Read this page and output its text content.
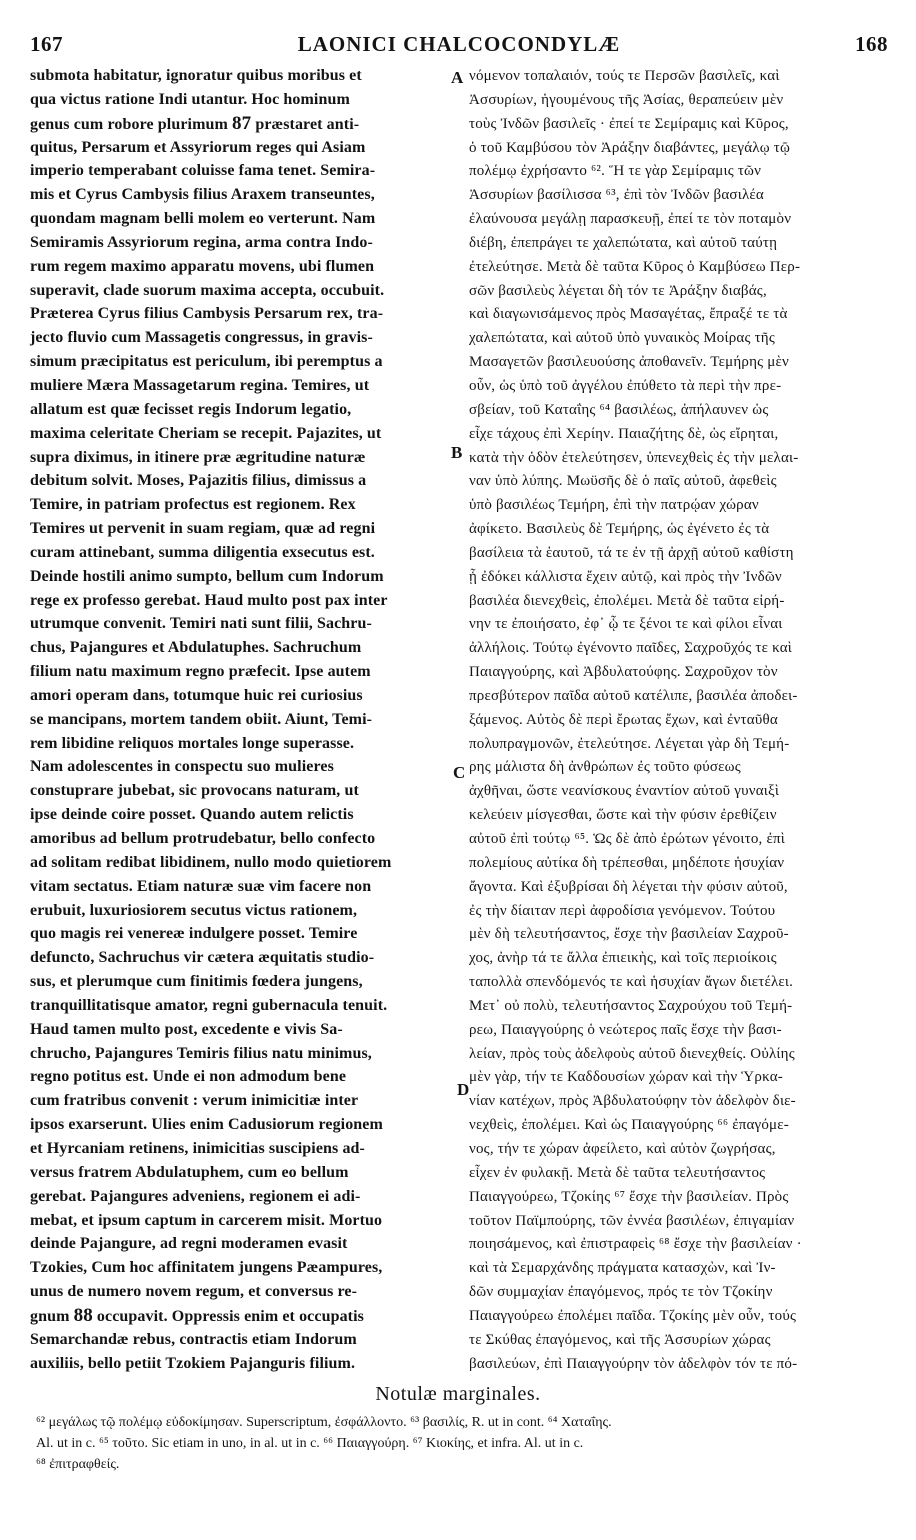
167	LAONICI CHALCOCONDYLÆ	168
submota habitatur, ignoratur quibus moribus et
qua victus ratione Indi utantur. Hoc hominum
genus cum robore plurimum 87 præstaret anti-
quitus, Persarum et Assyriorum reges qui Asiam
imperio temperabant coluisse fama tenet. Semira-
mis et Cyrus Cambysis filius Araxem transeuntes,
quondam magnam belli molem eo verterunt. Nam
Semiramis Assyriorum regina, arma contra Indo-
rum regem maximo apparatu movens, ubi flumen
superavit, clade suorum maxima accepta, occubuit.
Præterea Cyrus filius Cambysis Persarum rex, tra-
jecto fluvio cum Massagetis congressus, in gravis-
simum præcipitatus est periculum, ibi peremptus a
muliere Mæra Massagetarum regina. Temires, ut
allatum est quæ fecisset regis Indorum legatio,
maxima celeritate Cheriam se recepit. Pajazites, ut
supra diximus, in itinere præ ægritudine naturæ
debitum solvit. Moses, Pajazitis filius, dimissus a
Temire, in patriam profectus est regionem. Rex
Temires ut pervenit in suam regiam, quæ ad regni
curam attinebant, summa diligentia exsecutus est.
Deinde hostili animo sumpto, bellum cum Indorum
rege ex professo gerebat. Haud multo post pax inter
utrumque convenit. Temiri nati sunt filii, Sachru-
chus, Pajangures et Abdulatuphes. Sachruchum
filium natu maximum regno præfecit. Ipse autem
amori operam dans, totumque huic rei curiosius
se mancipans, mortem tandem obiit. Aiunt, Temi-
rem libidine reliquos mortales longe superasse.
Nam adolescentes in conspectu suo mulieres
constuprare jubebat, sic provocans naturam, ut
ipse deinde coire posset. Quando autem relictis
amoribus ad bellum protrudebatur, bello confecto
ad solitam redibat libidinem, nullo modo quietiorem
vitam sectatus. Etiam naturæ suæ vim facere non
erubuit, luxuriosiorem secutus victus rationem,
quo magis rei venereæ indulgere posset. Temire
defuncto, Sachruchus vir cætera æquitatis studio-
sus, et plerumque cum finitimis fœdera jungens,
tranquillitatisque amator, regni gubernacula tenuit.
Haud tamen multo post, excedente e vivis Sa-
chrucho, Pajangures Temiris filius natu minimus,
regno potitus est. Unde ei non admodum bene
cum fratribus convenit : verum inimicitiæ inter
ipsos exarserunt. Ulies enim Cadusiorum regionem
et Hyrcaniam retinens, inimicitias suscipiens ad-
versus fratrem Abdulatuphem, cum eo bellum
gerebat. Pajangures adveniens, regionem ei adi-
mebat, et ipsum captum in carcerem misit. Mortuo
deinde Pajangure, ad regni moderamen evasit
Tzokies, Cum hoc affinitatem jungens Pæampures,
unus de numero novem regum, et conversus re-
gnum 88 occupavit. Oppressis enim et occupatis
Semarchandæ rebus, contractis etiam Indorum
auxiliis, bello petiit Tzokiem Pajanguris filium.
νόμενον τοπαλαιόν, τούς τε Περσῶν βασιλεῖς, καὶ
Ἀσσυρίων, ἡγουμένους τῆς Ἀσίας, θεραπεύειν μὲν
τοὺς Ἰνδῶν βασιλεῖς · ἐπεί τε Σεμίραμις καὶ Κῦρος,
ὁ τοῦ Καμβύσου τὸν Ἀράξην διαβάντες, μεγάλῳ τῷ
πολέμῳ ἐχρήσαντο ⁶². Ἥ τε γὰρ Σεμίραμις τῶν
Ἀσσυρίων βασίλισσα ⁶³, ἐπὶ τὸν Ἰνδῶν βασιλέα
ἐλαύνουσα μεγάλῃ παρασκευῇ, ἐπεί τε τὸν ποταμὸν
διέβη, ἐπεπράγει τε χαλεπώτατα, καὶ αὐτοῦ ταύτῃ
ἐτελεύτησε. Μετὰ δὲ ταῦτα Κῦρος ὁ Καμβύσεω Περ-
σῶν βασιλεὺς λέγεται δὴ τόν τε Ἀράξην διαβάς,
καὶ διαγωνισάμενος πρὸς Μασαγέτας, ἔπραξέ τε τὰ
χαλεπώτατα, καὶ αὐτοῦ ὑπὸ γυναικὸς Μοίρας τῆς
Μασαγετῶν βασιλευούσης ἀποθανεῖν. Τεμήρης μὲν
οὖν, ὡς ὑπὸ τοῦ ἀγγέλου ἐπύθετο τὰ περὶ τὴν πρε-
σβείαν, τοῦ Καταΐης ⁶⁴ βασιλέως, ἀπήλαυνεν ὡς
εἶχε τάχους ἐπὶ Χερίην. Παιαζήτης δὲ, ὡς εἴρηται,
κατὰ τὴν ὁδὸν ἐτελεύτησεν, ὑπενεχθεὶς ἐς τὴν μελαι-
ναν ὑπὸ λύπης. Μωϋσῆς δὲ ὁ παῖς αὐτοῦ, ἀφεθεὶς
ὑπὸ βασιλέως Τεμήρη, ἐπὶ τὴν πατρῴαν χώραν
ἀφίκετο. Βασιλεὺς δὲ Τεμήρης, ὡς ἐγένετο ἐς τὰ
βασίλεια τὰ ἑαυτοῦ, τά τε ἐν τῇ ἀρχῇ αὐτοῦ καθίστη
ᾗ ἐδόκει κάλλιστα ἔχειν αὐτῷ, καὶ πρὸς τὴν Ἰνδῶν
βασιλέα διενεχθεὶς, ἐπολέμει. Μετὰ δὲ ταῦτα εἰρή-
νην τε ἐποιήσατο, ἐφ᾽ ᾧ τε ξένοι τε καὶ φίλοι εἶναι
ἀλλήλοις. Τούτῳ ἐγένοντο παῖδες, Σαχροῦχός τε καὶ
Παιαγγούρης, καὶ Ἀβδυλατούφης. Σαχροῦχον τὸν
πρεσβύτερον παῖδα αὐτοῦ κατέλιπε, βασιλέα ἀποδει-
ξάμενος. Αὐτὸς δὲ περὶ ἔρωτας ἔχων, καὶ ἐνταῦθα
πολυπραγμονῶν, ἐτελεύτησε. Λέγεται γὰρ δὴ Τεμή-
ρης μάλιστα δὴ ἀνθρώπων ἐς τοῦτο φύσεως
ἀχθῆναι, ὥστε νεανίσκους ἐναντίον αὐτοῦ γυναιξὶ
κελεύειν μίσγεσθαι, ὥστε καὶ τὴν φύσιν ἐρεθίζειν
αὐτοῦ ἐπὶ τούτῳ ⁶⁵. Ὡς δὲ ἀπὸ ἐρώτων γένοιτο, ἐπὶ
πολεμίους αὐτίκα δὴ τρέπεσθαι, μηδέποτε ἡσυχίαν
ἄγοντα. Καὶ ἐξυβρίσαι δὴ λέγεται τὴν φύσιν αὐτοῦ,
ἐς τὴν δίαιταν περὶ ἀφροδίσια γενόμενον. Τούτου
μὲν δὴ τελευτήσαντος, ἔσχε τὴν βασιλείαν Σαχροῦ-
χος, ἀνὴρ τά τε ἄλλα ἐπιεικὴς, καὶ τοῖς περιοίκοις
ταπολλὰ σπενδόμενός τε καὶ ἡσυχίαν ἄγων διετέλει.
Μετ᾽ οὐ πολὺ, τελευτήσαντος Σαχρούχου τοῦ Τεμή-
ρεω, Παιαγγούρης ὁ νεώτερος παῖς ἔσχε τὴν βασι-
λείαν, πρὸς τοὺς ἀδελφοὺς αὐτοῦ διενεχθείς. Οὐλίης
μὲν γὰρ, τήν τε Καδδουσίων χώραν καὶ τὴν Ὑρκα-
νίαν κατέχων, πρὸς Ἀβδυλατούφην τὸν ἀδελφὸν διε-
νεχθεὶς, ἐπολέμει. Καὶ ὡς Παιαγγούρης ⁶⁶ ἐπαγόμε-
νος, τήν τε χώραν ἀφείλετο, καὶ αὐτὸν ζωγρήσας,
εἶχεν ἐν φυλακῇ. Μετὰ δὲ ταῦτα τελευτήσαντος
Παιαγγούρεω, Τζοκίης ⁶⁷ ἔσχε τὴν βασιλείαν. Πρὸς
τοῦτον Παϊμπούρης, τῶν ἐννέα βασιλέων, ἐπιγαμίαν
ποιησάμενος, καὶ ἐπιστραφεὶς ⁶⁸ ἔσχε τὴν βασιλείαν ·
καὶ τὰ Σεμαρχάνδης πράγματα κατασχὼν, καὶ Ἰν-
δῶν συμμαχίαν ἐπαγόμενος, πρός τε τὸν Τζοκίην
Παιαγγούρεω ἐπολέμει παῖδα. Τζοκίης μὲν οὖν, τούς
τε Σκύθας ἐπαγόμενος, καὶ τῆς Ἀσσυρίων χώρας
βασιλεύων, ἐπὶ Παιαγγούρην τὸν ἀδελφὸν τόν τε πό-
A
B
C
D
Notulæ marginales.
⁶² μεγάλως τῷ πολέμῳ εὐδοκίμησαν. Superscriptum, ἐσφάλλοντο. ⁶³ βασιλίς, R. ut in cont. ⁶⁴ Χαταΐης.
Al. ut in c. ⁶⁵ τοῦτο. Sic etiam in uno, in al. ut in c. ⁶⁶ Παιαγγούρη. ⁶⁷ Κιοκίης, et infra. Al. ut in c.
⁶⁸ ἐπιτραφθείς.
